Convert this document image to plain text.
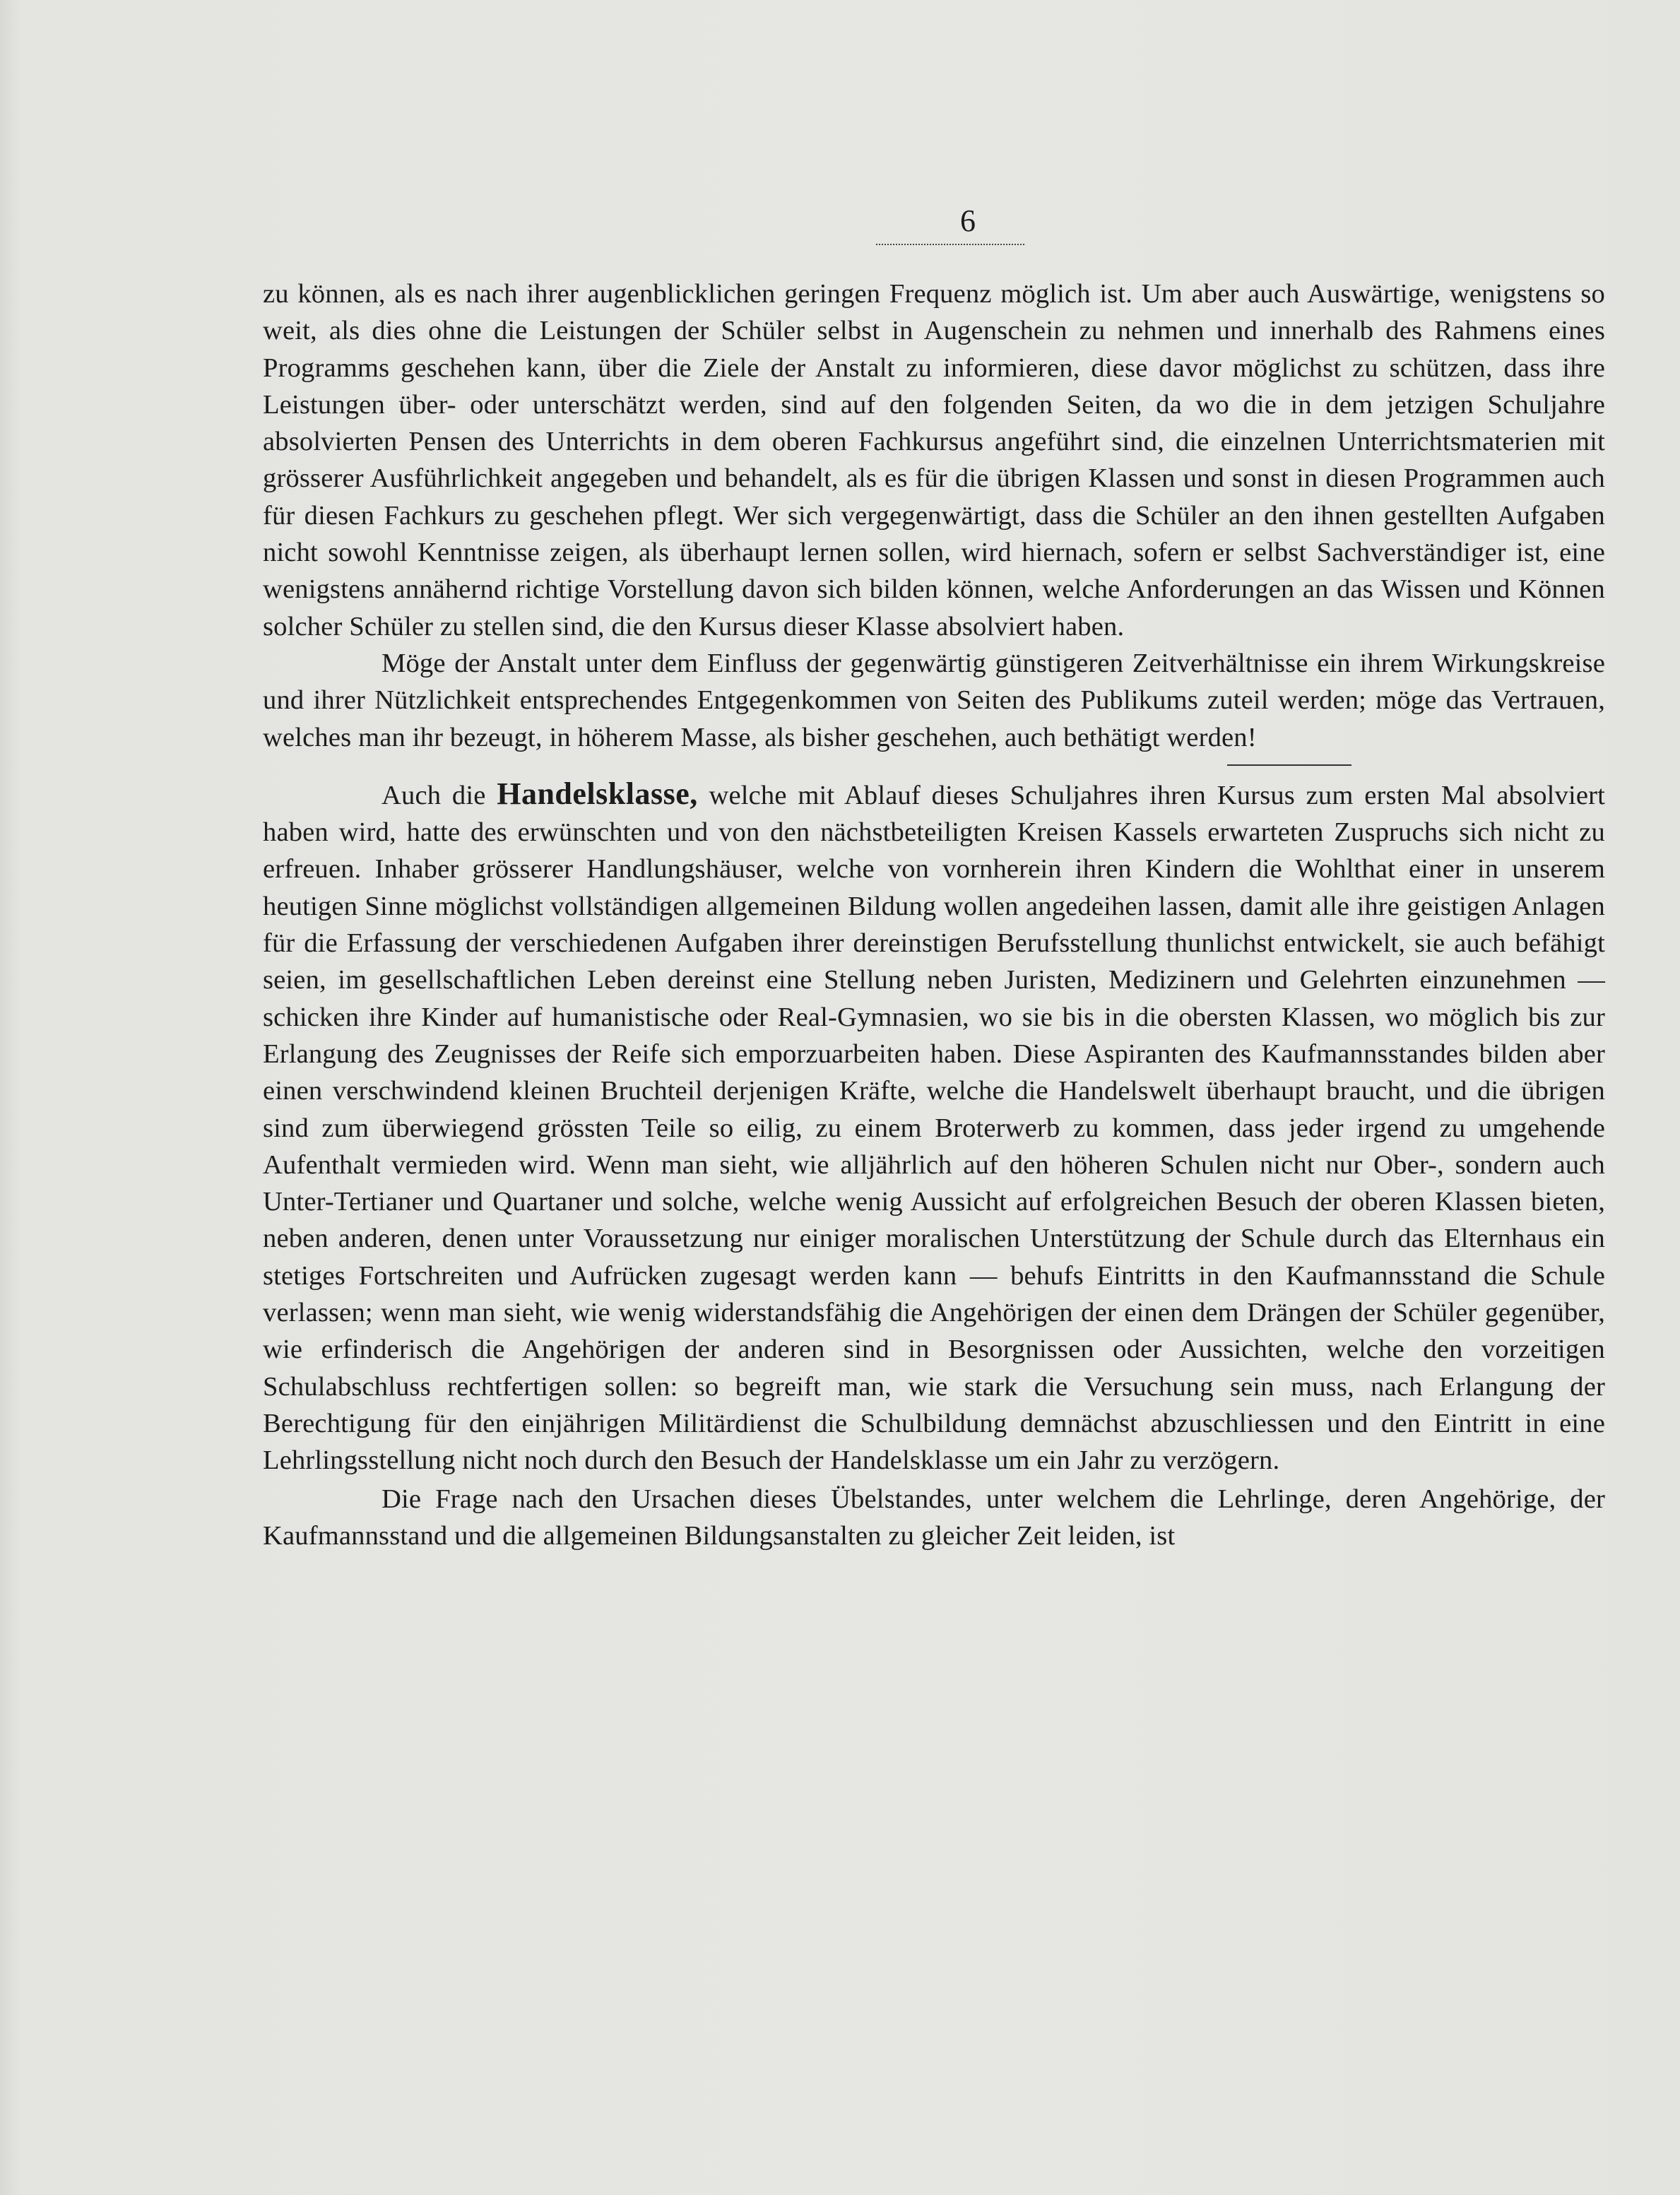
6

zu können, als es nach ihrer augenblicklichen geringen Frequenz möglich ist. Um aber auch Auswärtige, wenigstens so weit, als dies ohne die Leistungen der Schüler selbst in Augenschein zu nehmen und innerhalb des Rahmens eines Programms geschehen kann, über die Ziele der Anstalt zu informieren, diese davor möglichst zu schützen, dass ihre Leistungen über- oder unterschätzt werden, sind auf den folgenden Seiten, da wo die in dem jetzigen Schuljahre absolvierten Pensen des Unterrichts in dem oberen Fachkursus angeführt sind, die einzelnen Unterrichtsmaterien mit grösserer Ausführlichkeit angegeben und behandelt, als es für die übrigen Klassen und sonst in diesen Programmen auch für diesen Fachkurs zu geschehen pflegt. Wer sich vergegenwärtigt, dass die Schüler an den ihnen gestellten Aufgaben nicht sowohl Kenntnisse zeigen, als überhaupt lernen sollen, wird hiernach, sofern er selbst Sachverständiger ist, eine wenigstens annähernd richtige Vorstellung davon sich bilden können, welche Anforderungen an das Wissen und Können solcher Schüler zu stellen sind, die den Kursus dieser Klasse absolviert haben.

Möge der Anstalt unter dem Einfluss der gegenwärtig günstigeren Zeitverhältnisse ein ihrem Wirkungskreise und ihrer Nützlichkeit entsprechendes Entgegenkommen von Seiten des Publikums zuteil werden; möge das Vertrauen, welches man ihr bezeugt, in höherem Masse, als bisher geschehen, auch bethätigt werden!

Auch die Handelsklasse, welche mit Ablauf dieses Schuljahres ihren Kursus zum ersten Mal absolviert haben wird, hatte des erwünschten und von den nächstbeteiligten Kreisen Kassels erwarteten Zuspruchs sich nicht zu erfreuen. Inhaber grösserer Handlungshäuser, welche von vornherein ihren Kindern die Wohlthat einer in unserem heutigen Sinne möglichst vollständigen allgemeinen Bildung wollen angedeihen lassen, damit alle ihre geistigen Anlagen für die Erfassung der verschiedenen Aufgaben ihrer dereinstigen Berufsstellung thunlichst entwickelt, sie auch befähigt seien, im gesellschaftlichen Leben dereinst eine Stellung neben Juristen, Medizinern und Gelehrten einzunehmen — schicken ihre Kinder auf humanistische oder Real-Gymnasien, wo sie bis in die obersten Klassen, wo möglich bis zur Erlangung des Zeugnisses der Reife sich emporzuarbeiten haben. Diese Aspiranten des Kaufmannsstandes bilden aber einen verschwindend kleinen Bruchteil derjenigen Kräfte, welche die Handelswelt überhaupt braucht, und die übrigen sind zum überwiegend grössten Teile so eilig, zu einem Broterwerb zu kommen, dass jeder irgend zu umgehende Aufenthalt vermieden wird. Wenn man sieht, wie alljährlich auf den höheren Schulen nicht nur Ober-, sondern auch Unter-Tertianer und Quartaner und solche, welche wenig Aussicht auf erfolgreichen Besuch der oberen Klassen bieten, neben anderen, denen unter Voraussetzung nur einiger moralischen Unterstützung der Schule durch das Elternhaus ein stetiges Fortschreiten und Aufrücken zugesagt werden kann — behufs Eintritts in den Kaufmannsstand die Schule verlassen; wenn man sieht, wie wenig widerstandsfähig die Angehörigen der einen dem Drängen der Schüler gegenüber, wie erfinderisch die Angehörigen der anderen sind in Besorgnissen oder Aussichten, welche den vorzeitigen Schulabschluss rechtfertigen sollen: so begreift man, wie stark die Versuchung sein muss, nach Erlangung der Berechtigung für den einjährigen Militärdienst die Schulbildung demnächst abzuschliessen und den Eintritt in eine Lehrlingsstellung nicht noch durch den Besuch der Handelsklasse um ein Jahr zu verzögern.

Die Frage nach den Ursachen dieses Übelstandes, unter welchem die Lehrlinge, deren Angehörige, der Kaufmannsstand und die allgemeinen Bildungsanstalten zu gleicher Zeit leiden, ist
